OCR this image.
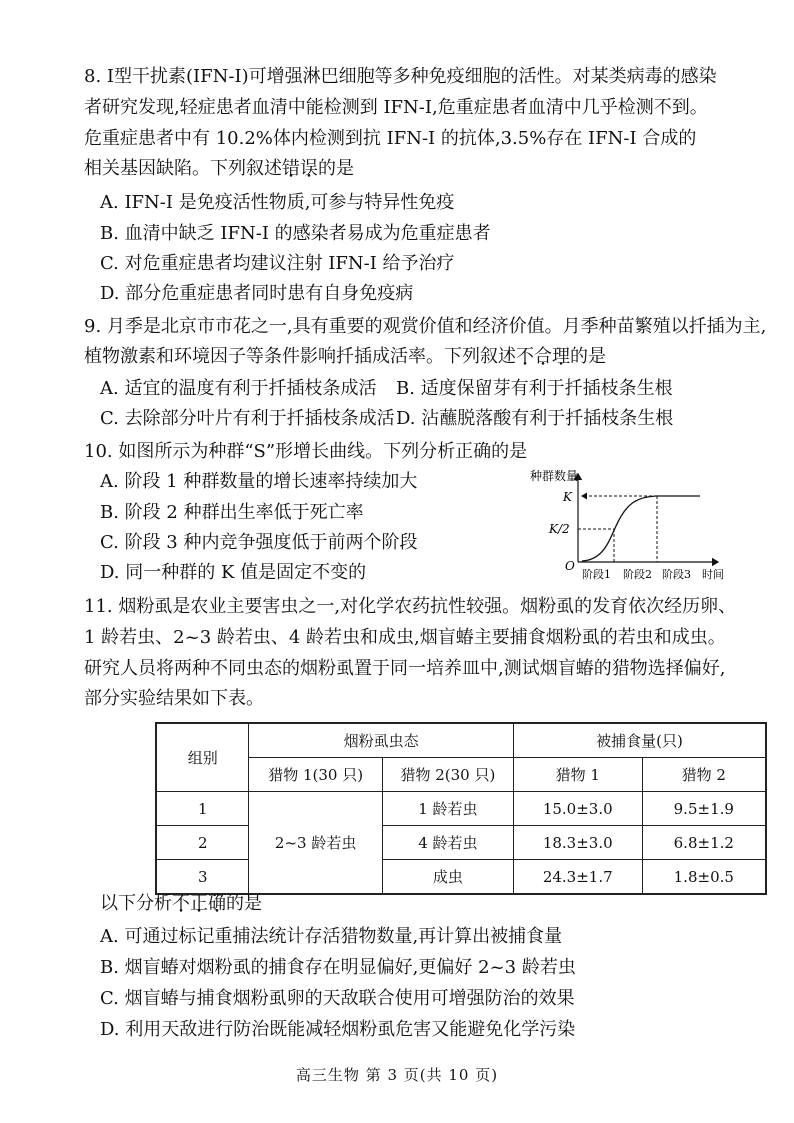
8. Ⅰ型干扰素(IFN-Ⅰ)可增强淋巴细胞等多种免疫细胞的活性。对某类病毒的感染
者研究发现,轻症患者血清中能检测到 IFN-Ⅰ,危重症患者血清中几乎检测不到。
危重症患者中有 10.2%体内检测到抗 IFN-Ⅰ 的抗体,3.5%存在 IFN-Ⅰ 合成的
相关基因缺陷。下列叙述错误的是
A. IFN-Ⅰ 是免疫活性物质,可参与特异性免疫
B. 血清中缺乏 IFN-Ⅰ 的感染者易成为危重症患者
C. 对危重症患者均建议注射 IFN-Ⅰ 给予治疗
D. 部分危重症患者同时患有自身免疫病
9. 月季是北京市市花之一,具有重要的观赏价值和经济价值。月季种苗繁殖以扦插为主,
植物激素和环境因子等条件影响扦插成活率。下列叙述不合理的是
A. 适宜的温度有利于扦插枝条成活 B. 适度保留芽有利于扦插枝条生根
C. 去除部分叶片有利于扦插枝条成活 D. 沾蘸脱落酸有利于扦插枝条生根
10. 如图所示为种群“S”形增长曲线。下列分析正确的是
A. 阶段 1 种群数量的增长速率持续加大
B. 阶段 2 种群出生率低于死亡率
C. 阶段 3 种内竞争强度低于前两个阶段
D. 同一种群的 K 值是固定不变的
种群数量
K
K/2
O
阶段1 阶段2 阶段3 时间
11. 烟粉虱是农业主要害虫之一,对化学农药抗性较强。烟粉虱的发育依次经历卵、
1 龄若虫、2~3 龄若虫、4 龄若虫和成虫,烟盲蝽主要捕食烟粉虱的若虫和成虫。
研究人员将两种不同虫态的烟粉虱置于同一培养皿中,测试烟盲蝽的猎物选择偏好,
部分实验结果如下表。
组别	烟粉虱虫态		被捕食量(只)	
	猎物 1(30 只)	猎物 2(30 只)	猎物 1	猎物 2
1	2~3 龄若虫	1 龄若虫	15.0±3.0	9.5±1.9
2		4 龄若虫	18.3±3.0	6.8±1.2
3		成虫	24.3±1.7	1.8±0.5
以下分析不正确的是
A. 可通过标记重捕法统计存活猎物数量,再计算出被捕食量
B. 烟盲蝽对烟粉虱的捕食存在明显偏好,更偏好 2~3 龄若虫
C. 烟盲蝽与捕食烟粉虱卵的天敌联合使用可增强防治的效果
D. 利用天敌进行防治既能减轻烟粉虱危害又能避免化学污染
高三生物 第 3 页(共 10 页)
